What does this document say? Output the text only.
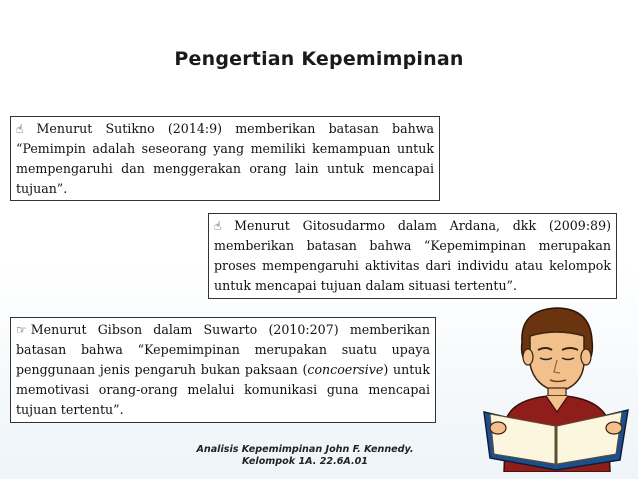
Pengertian Kepemimpinan
☝ Menurut Sutikno (2014:9) memberikan batasan bahwa “Pemimpin adalah seseorang yang memiliki kemampuan untuk mempengaruhi dan menggerakan orang lain untuk mencapai tujuan”.
☝ Menurut Gitosudarmo dalam Ardana, dkk (2009:89) memberikan batasan bahwa “Kepemimpinan merupakan proses mempengaruhi aktivitas dari individu atau kelompok untuk mencapai tujuan dalam situasi tertentu”.
☞ Menurut Gibson dalam Suwarto (2010:207) memberikan batasan bahwa “Kepemimpinan merupakan suatu upaya penggunaan jenis pengaruh bukan paksaan (concoersive) untuk memotivasi orang-orang melalui komunikasi guna mencapai tujuan tertentu”.
Analisis Kepemimpinan John F. Kennedy.
Kelompok 1A. 22.6A.01
